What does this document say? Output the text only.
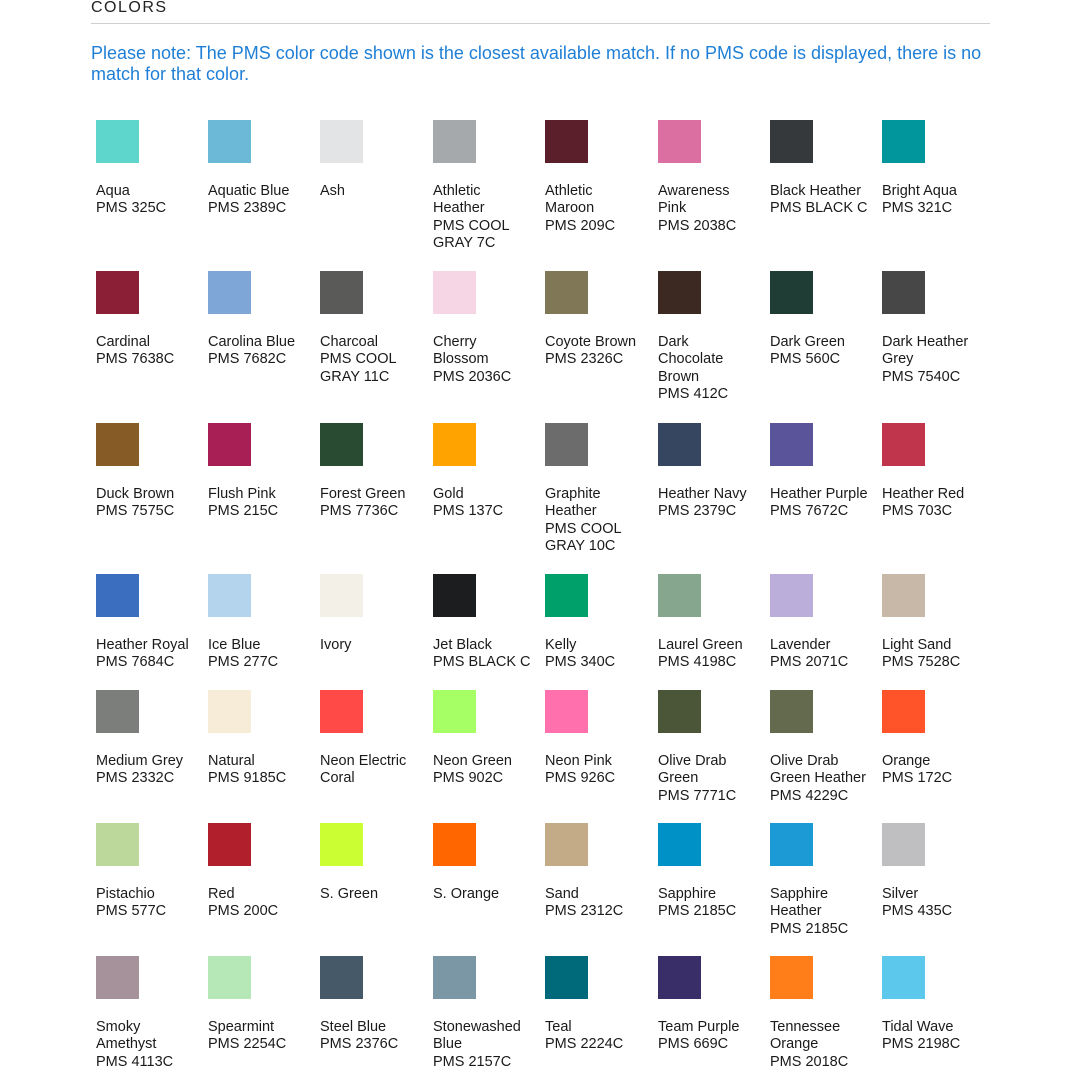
COLORS

Please note: The PMS color code shown is the closest available match. If no PMS code is displayed, there is no match for that color.

Aqua
PMS 325C
Aquatic Blue
PMS 2389C
Ash	Athletic
Heather
PMS COOL
GRAY 7C
Athletic
Maroon
PMS 209C
Awareness
Pink
PMS 2038C
Black Heather
PMS BLACK C
Bright Aqua
PMS 321C
Cardinal
PMS 7638C
Carolina Blue
PMS 7682C
Charcoal
PMS COOL
GRAY 11C
Cherry
Blossom
PMS 2036C
Coyote Brown
PMS 2326C
Dark
Chocolate
Brown
PMS 412C
Dark Green
PMS 560C
Dark Heather
Grey
PMS 7540C
Duck Brown
PMS 7575C
Flush Pink
PMS 215C
Forest Green
PMS 7736C
Gold
PMS 137C
Graphite
Heather
PMS COOL
GRAY 10C
Heather Navy
PMS 2379C
Heather Purple
PMS 7672C
Heather Red
PMS 703C
Heather Royal
PMS 7684C
Ice Blue
PMS 277C
Ivory	Jet Black
PMS BLACK C
Kelly
PMS 340C
Laurel Green
PMS 4198C
Lavender
PMS 2071C
Light Sand
PMS 7528C
Medium Grey
PMS 2332C
Natural
PMS 9185C
Neon Electric
Coral
Neon Green
PMS 902C
Neon Pink
PMS 926C
Olive Drab
Green
PMS 7771C
Olive Drab
Green Heather
PMS 4229C
Orange
PMS 172C
Pistachio
PMS 577C
Red
PMS 200C
S. Green	S. Orange	Sand
PMS 2312C
Sapphire
PMS 2185C
Sapphire
Heather
PMS 2185C
Silver
PMS 435C
Smoky
Amethyst
PMS 4113C
Spearmint
PMS 2254C
Steel Blue
PMS 2376C
Stonewashed
Blue
PMS 2157C
Teal
PMS 2224C
Team Purple
PMS 669C
Tennessee
Orange
PMS 2018C
Tidal Wave
PMS 2198C
